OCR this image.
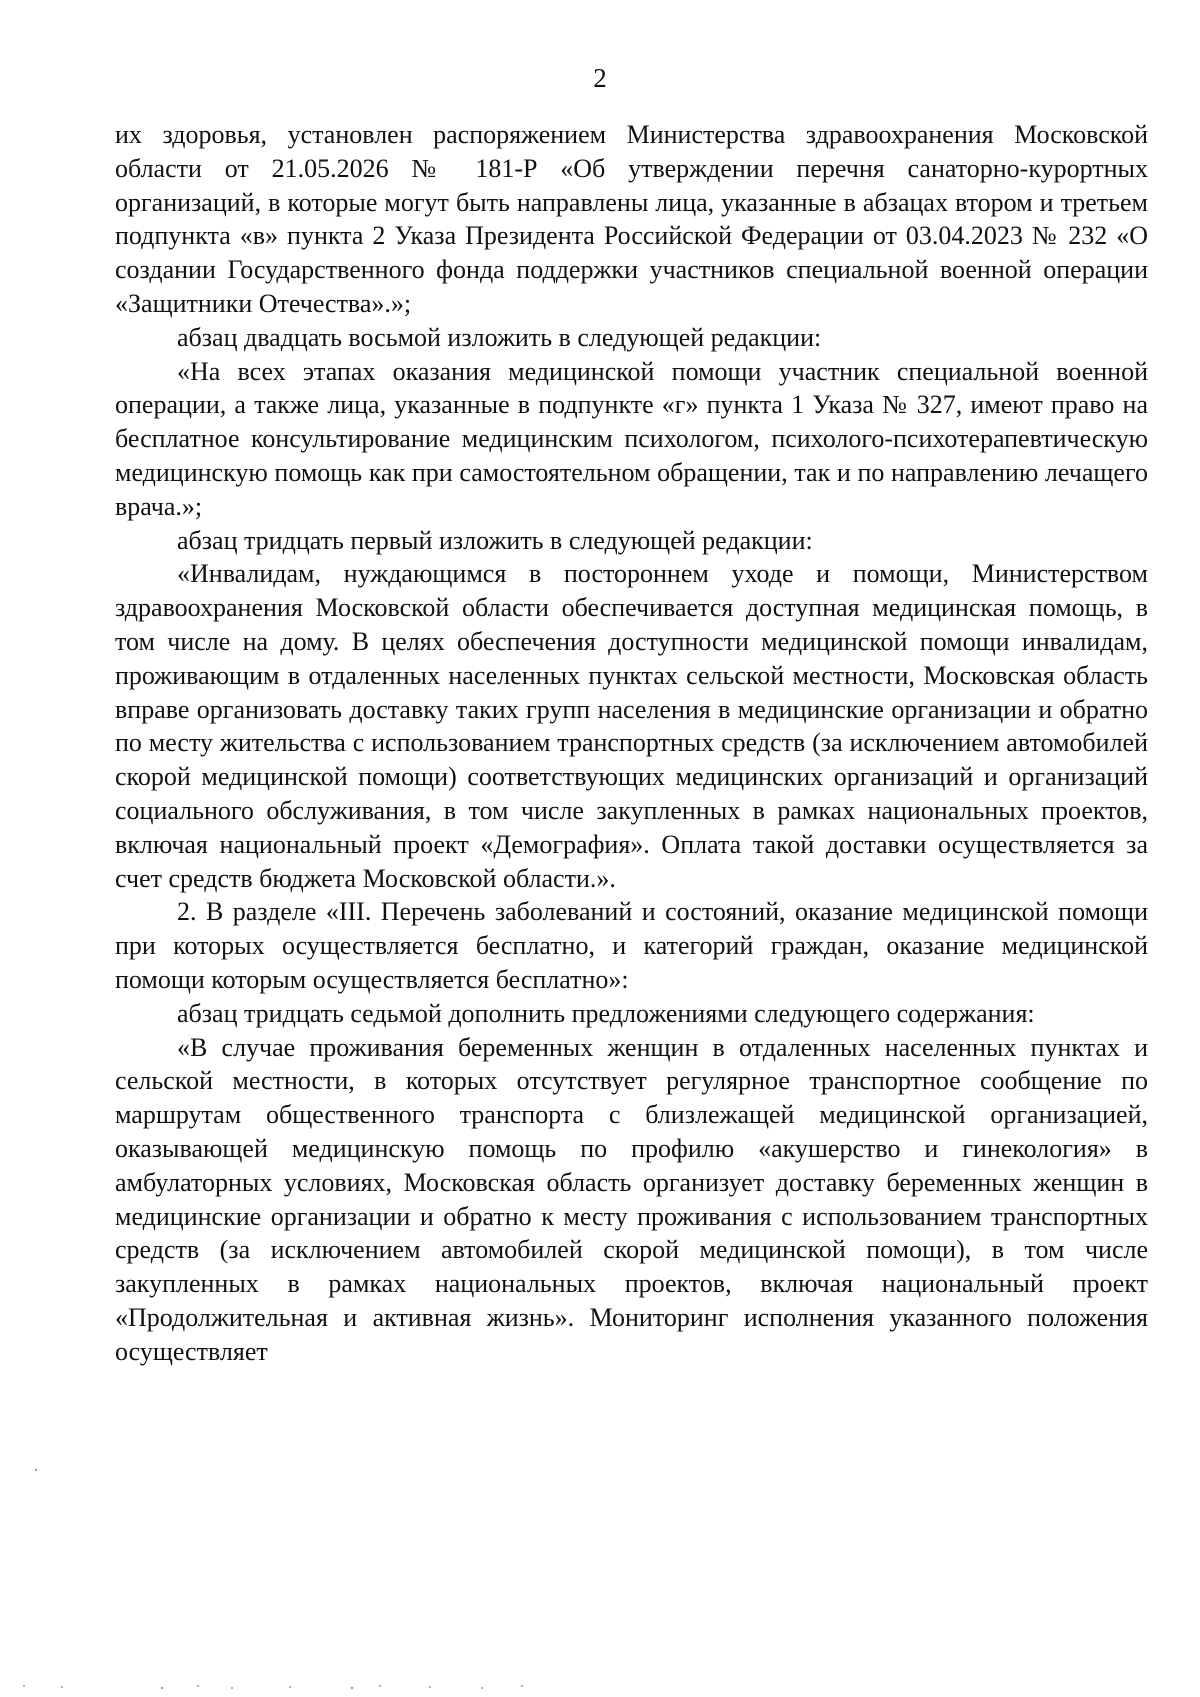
2

их здоровья, установлен распоряжением Министерства здравоохранения Московской области от 21.05.2026 № 181-Р «Об утверждении перечня санаторно-курортных организаций, в которые могут быть направлены лица, указанные в абзацах втором и третьем подпункта «в» пункта 2 Указа Президента Российской Федерации от 03.04.2023 № 232 «О создании Государственного фонда поддержки участников специальной военной операции «Защитники Отечества».»;

абзац двадцать восьмой изложить в следующей редакции:

«На всех этапах оказания медицинской помощи участник специальной военной операции, а также лица, указанные в подпункте «г» пункта 1 Указа № 327, имеют право на бесплатное консультирование медицинским психологом, психолого-психотерапевтическую медицинскую помощь как при самостоятельном обращении, так и по направлению лечащего врача.»;

абзац тридцать первый изложить в следующей редакции:

«Инвалидам, нуждающимся в постороннем уходе и помощи, Министерством здравоохранения Московской области обеспечивается доступная медицинская помощь, в том числе на дому. В целях обеспечения доступности медицинской помощи инвалидам, проживающим в отдаленных населенных пунктах сельской местности, Московская область вправе организовать доставку таких групп населения в медицинские организации и обратно по месту жительства с использованием транспортных средств (за исключением автомобилей скорой медицинской помощи) соответствующих медицинских организаций и организаций социального обслуживания, в том числе закупленных в рамках национальных проектов, включая национальный проект «Демография». Оплата такой доставки осуществляется за счет средств бюджета Московской области.».

2. В разделе «III. Перечень заболеваний и состояний, оказание медицинской помощи при которых осуществляется бесплатно, и категорий граждан, оказание медицинской помощи которым осуществляется бесплатно»:

абзац тридцать седьмой дополнить предложениями следующего содержания:

«В случае проживания беременных женщин в отдаленных населенных пунктах и сельской местности, в которых отсутствует регулярное транспортное сообщение по маршрутам общественного транспорта с близлежащей медицинской организацией, оказывающей медицинскую помощь по профилю «акушерство и гинекология» в амбулаторных условиях, Московская область организует доставку беременных женщин в медицинские организации и обратно к месту проживания с использованием транспортных средств (за исключением автомобилей скорой медицинской помощи), в том числе закупленных в рамках национальных проектов, включая национальный проект «Продолжительная и активная жизнь». Мониторинг исполнения указанного положения осуществляет
